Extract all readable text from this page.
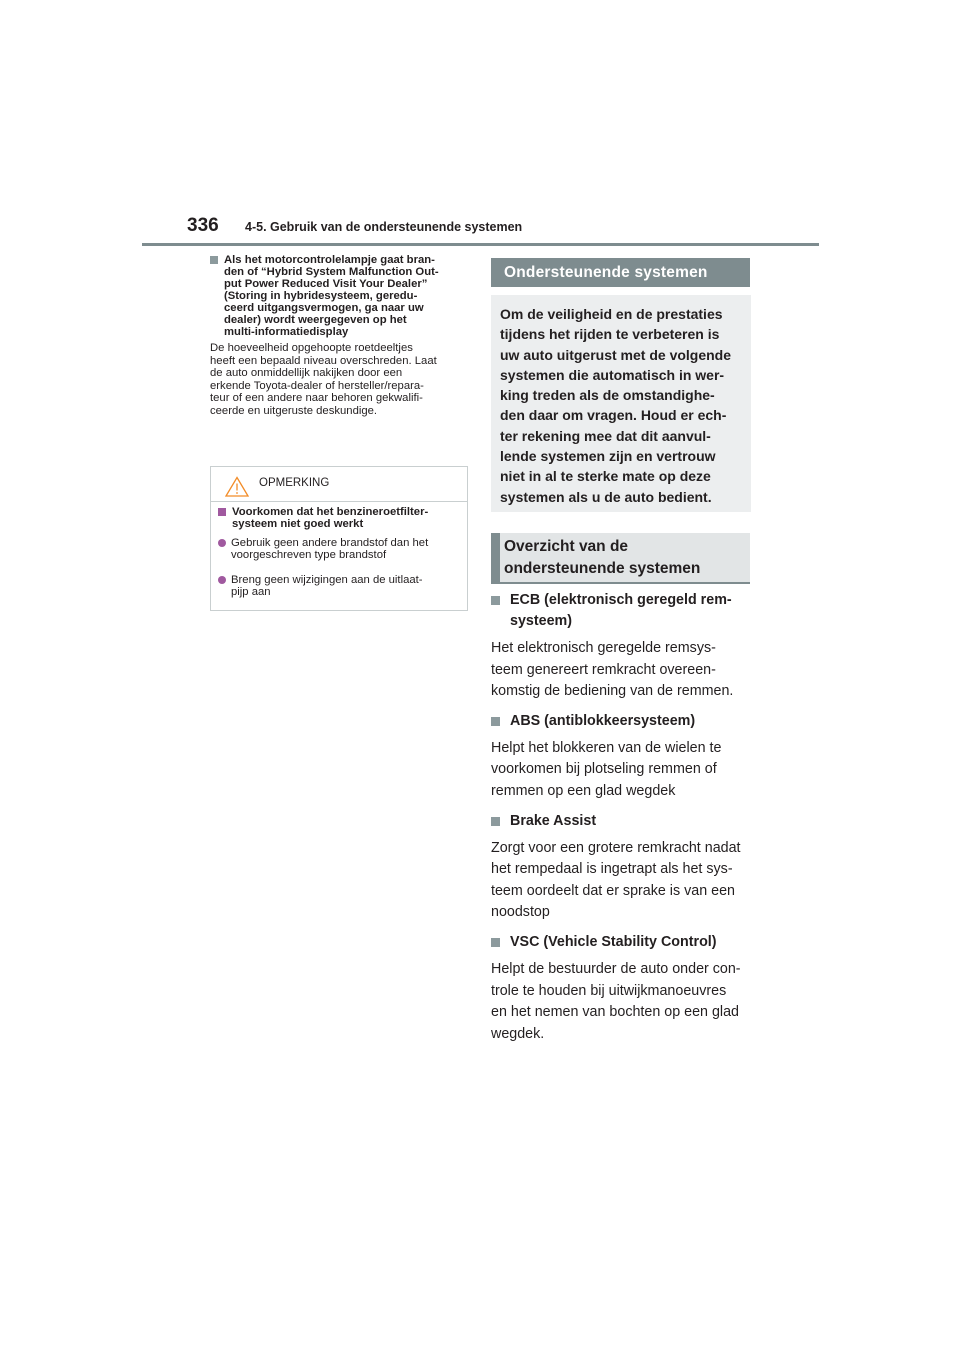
336 4-5. Gebruik van de ondersteunende systemen
Als het motorcontrolelampje gaat bran-
den of “Hybrid System Malfunction Out-
put Power Reduced Visit Your Dealer”
(Storing in hybridesysteem, geredu-
ceerd uitgangsvermogen, ga naar uw
dealer) wordt weergegeven op het
multi-informatiedisplay

De hoeveelheid opgehoopte roetdeeltjes
heeft een bepaald niveau overschreden. Laat
de auto onmiddellijk nakijken door een
erkende Toyota-dealer of hersteller/repara-
teur of een andere naar behoren gekwalifi-
ceerde en uitgeruste deskundige.

OPMERKING
Voorkomen dat het benzineroetfilter-
systeem niet goed werkt
Gebruik geen andere brandstof dan het
voorgeschreven type brandstof
Breng geen wijzigingen aan de uitlaat-
pijp aan
Ondersteunende systemen
Om de veiligheid en de prestaties
tijdens het rijden te verbeteren is
uw auto uitgerust met de volgende
systemen die automatisch in wer-
king treden als de omstandighe-
den daar om vragen. Houd er ech-
ter rekening mee dat dit aanvul-
lende systemen zijn en vertrouw
niet in al te sterke mate op deze
systemen als u de auto bedient.
Overzicht van de
ondersteunende systemen
ECB (elektronisch geregeld rem-
systeem)

Het elektronisch geregelde remsys-
teem genereert remkracht overeen-
komstig de bediening van de remmen.

ABS (antiblokkeersysteem)

Helpt het blokkeren van de wielen te
voorkomen bij plotseling remmen of
remmen op een glad wegdek

Brake Assist

Zorgt voor een grotere remkracht nadat
het rempedaal is ingetrapt als het sys-
teem oordeelt dat er sprake is van een
noodstop

VSC (Vehicle Stability Control)

Helpt de bestuurder de auto onder con-
trole te houden bij uitwijkmanoeuvres
en het nemen van bochten op een glad
wegdek.
